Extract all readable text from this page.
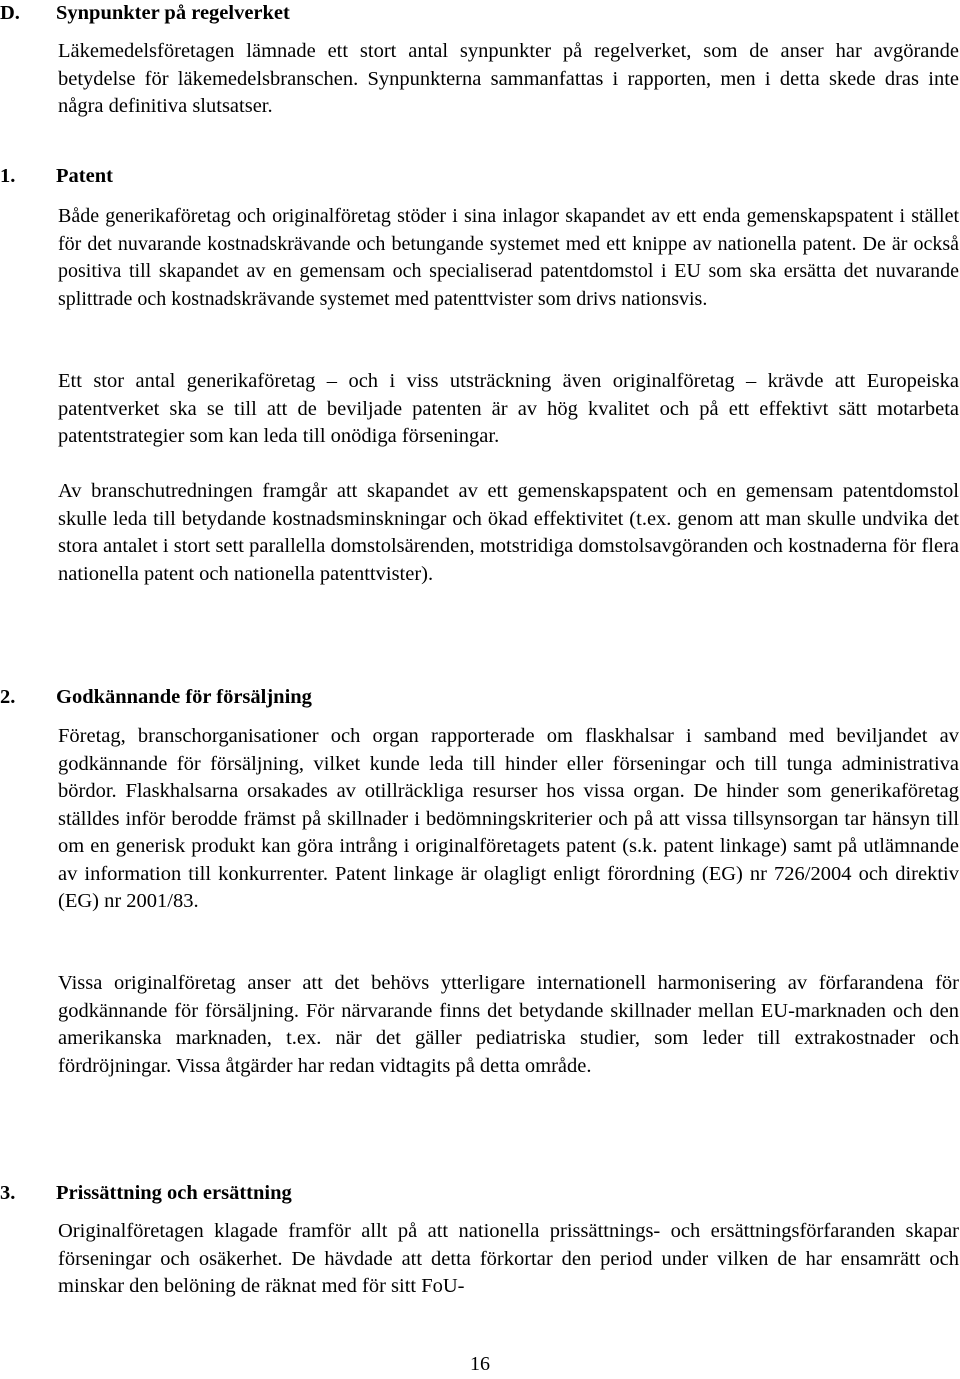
D. Synpunkter på regelverket

Läkemedelsföretagen lämnade ett stort antal synpunkter på regelverket, som de anser har avgörande betydelse för läkemedelsbranschen. Synpunkterna sammanfattas i rapporten, men i detta skede dras inte några definitiva slutsatser.

1. Patent

Både generikaföretag och originalföretag stöder i sina inlagor skapandet av ett enda gemenskapspatent i stället för det nuvarande kostnadskrävande och betungande systemet med ett knippe av nationella patent. De är också positiva till skapandet av en gemensam och specialiserad patentdomstol i EU som ska ersätta det nuvarande splittrade och kostnadskrävande systemet med patenttvister som drivs nationsvis.

Ett stor antal generikaföretag – och i viss utsträckning även originalföretag – krävde att Europeiska patentverket ska se till att de beviljade patenten är av hög kvalitet och på ett effektivt sätt motarbeta patentstrategier som kan leda till onödiga förseningar.

Av branschutredningen framgår att skapandet av ett gemenskapspatent och en gemensam patentdomstol skulle leda till betydande kostnadsminskningar och ökad effektivitet (t.ex. genom att man skulle undvika det stora antalet i stort sett parallella domstolsärenden, motstridiga domstolsavgöranden och kostnaderna för flera nationella patent och nationella patenttvister).

2. Godkännande för försäljning

Företag, branschorganisationer och organ rapporterade om flaskhalsar i samband med beviljandet av godkännande för försäljning, vilket kunde leda till hinder eller förseningar och till tunga administrativa bördor. Flaskhalsarna orsakades av otillräckliga resurser hos vissa organ. De hinder som generikaföretag ställdes inför berodde främst på skillnader i bedömningskriterier och på att vissa tillsynsorgan tar hänsyn till om en generisk produkt kan göra intrång i originalföretagets patent (s.k. patent linkage) samt på utlämnande av information till konkurrenter. Patent linkage är olagligt enligt förordning (EG) nr 726/2004 och direktiv (EG) nr 2001/83.

Vissa originalföretag anser att det behövs ytterligare internationell harmonisering av förfarandena för godkännande för försäljning. För närvarande finns det betydande skillnader mellan EU-marknaden och den amerikanska marknaden, t.ex. när det gäller pediatriska studier, som leder till extrakostnader och fördröjningar. Vissa åtgärder har redan vidtagits på detta område.

3. Prissättning och ersättning

Originalföretagen klagade framför allt på att nationella prissättnings- och ersättningsförfaranden skapar förseningar och osäkerhet. De hävdade att detta förkortar den period under vilken de har ensamrätt och minskar den belöning de räknat med för sitt FoU-

16
